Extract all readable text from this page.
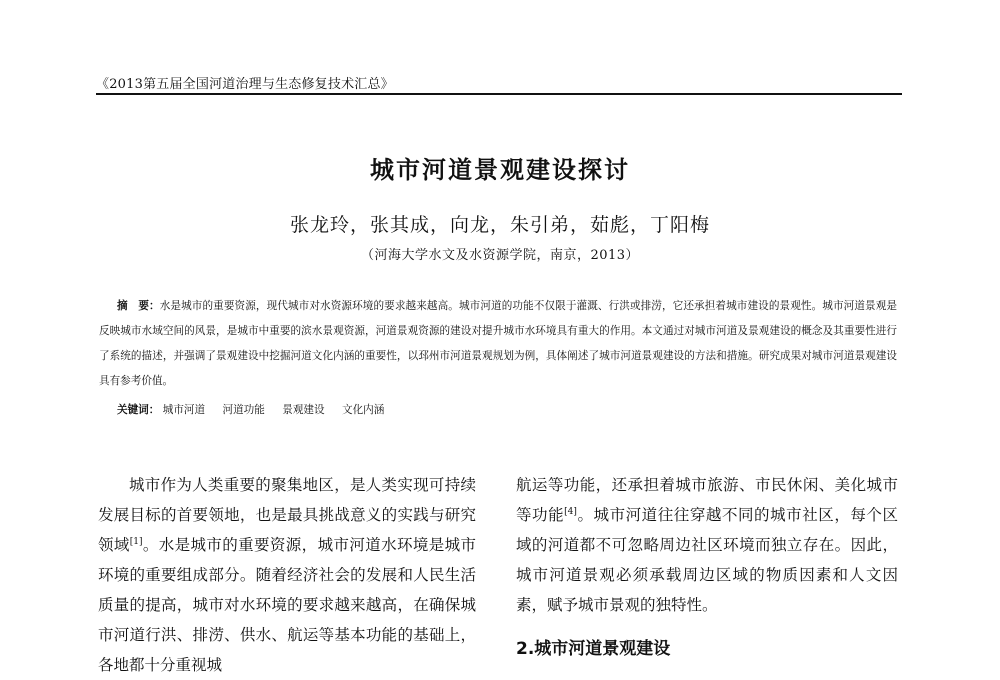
《2013第五届全国河道治理与生态修复技术汇总》
城市河道景观建设探讨
张龙玲，张其成，向龙，朱引弟，茹彪，丁阳梅
（河海大学水文及水资源学院，南京，2013）
摘　要：水是城市的重要资源，现代城市对水资源环境的要求越来越高。城市河道的功能不仅限于灌溉、行洪或排涝，它还承担着城市建设的景观性。城市河道景观是反映城市水域空间的风景，是城市中重要的滨水景观资源，河道景观资源的建设对提升城市水环境具有重大的作用。本文通过对城市河道及景观建设的概念及其重要性进行了系统的描述，并强调了景观建设中挖掘河道文化内涵的重要性，以邳州市河道景观规划为例，具体阐述了城市河道景观建设的方法和措施。研究成果对城市河道景观建设具有参考价值。
关键词： 城市河道 河道功能 景观建设 文化内涵

城市作为人类重要的聚集地区，是人类实现可持续发展目标的首要领地，也是最具挑战意义的实践与研究领域[1]。水是城市的重要资源，城市河道水环境是城市环境的重要组成部分。随着经济社会的发展和人民生活质量的提高，城市对水环境的要求越来越高，在确保城市河道行洪、排涝、供水、航运等基本功能的基础上，各地都十分重视城

航运等功能，还承担着城市旅游、市民休闲、美化城市等功能[4]。城市河道往往穿越不同的城市社区，每个区域的河道都不可忽略周边社区环境而独立存在。因此，城市河道景观必须承载周边区域的物质因素和人文因素，赋予城市景观的独特性。

2.城市河道景观建设
